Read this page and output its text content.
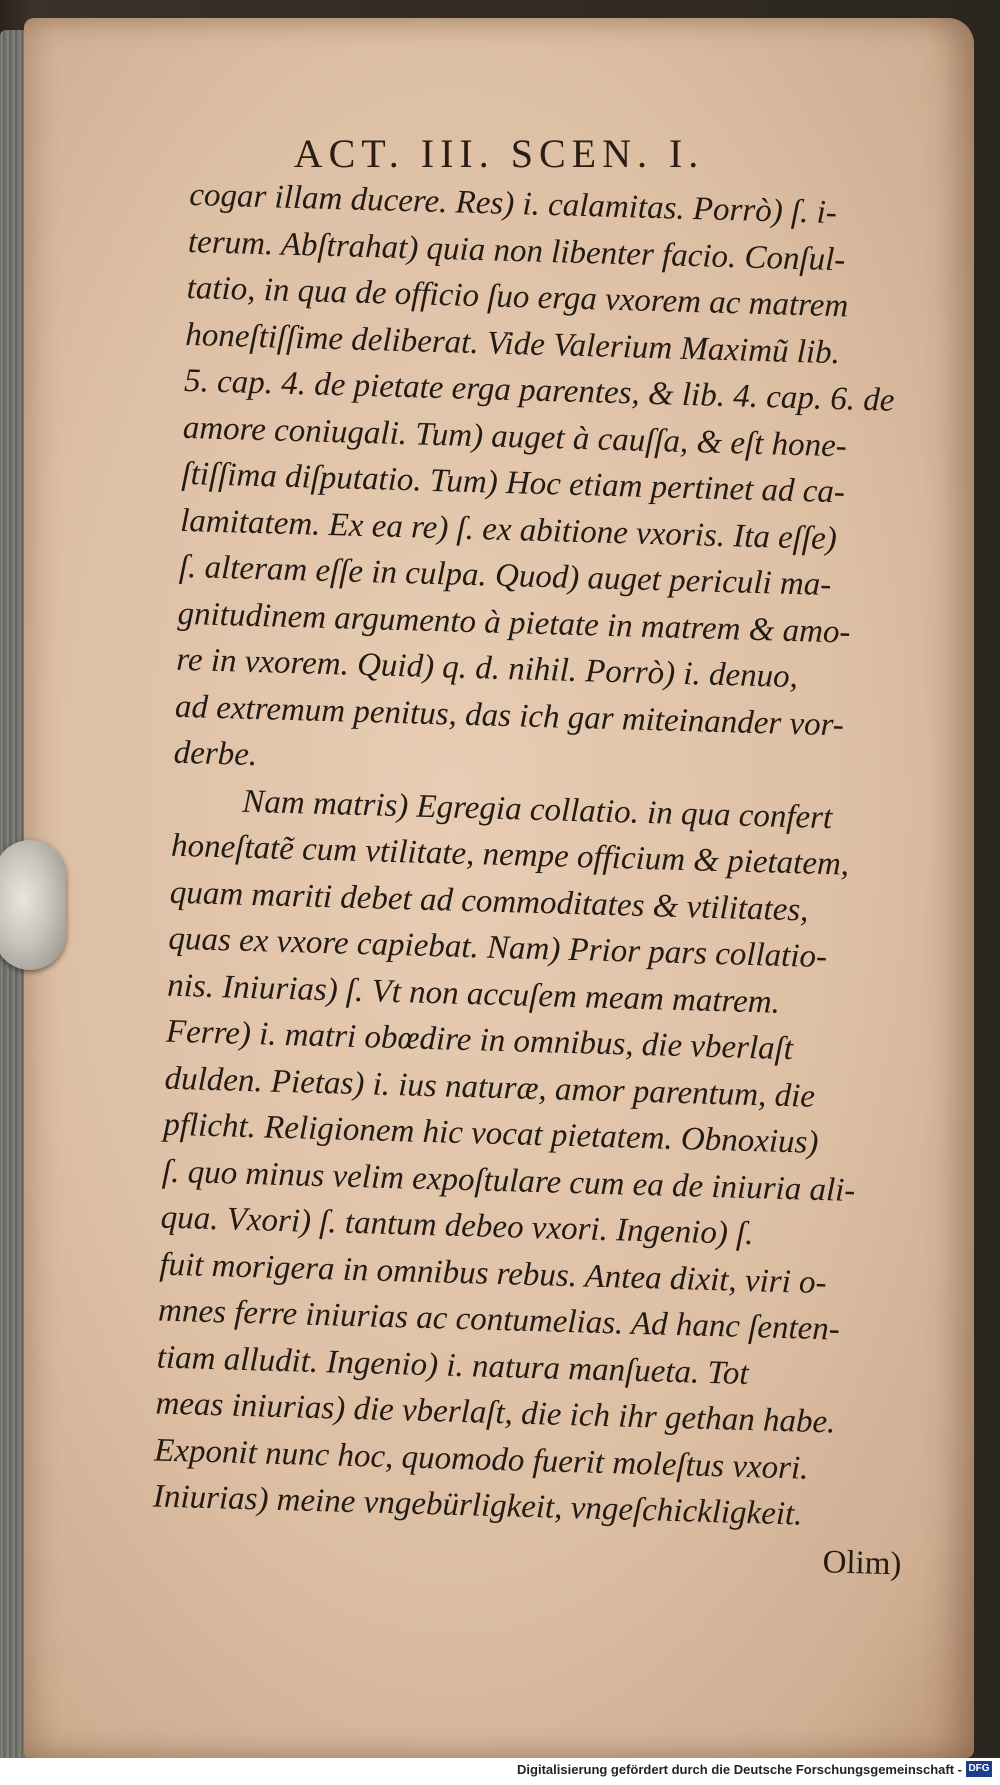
ACT. III. SCEN. I.
cogar illam ducere. Res) i. calamitas. Porrò) ſ. i-
terum. Abſtrahat) quia non libenter facio. Conſul-
tatio, in qua de officio ſuo erga vxorem ac matrem
honeſtiſſime deliberat. Vide Valerium Maximũ lib.
5. cap. 4. de pietate erga parentes, & lib. 4. cap. 6. de
amore coniugali. Tum) auget à cauſſa, & eſt hone-
ſtiſſima diſputatio. Tum) Hoc etiam pertinet ad ca-
lamitatem. Ex ea re) ſ. ex abitione vxoris. Ita eſſe)
ſ. alteram eſſe in culpa. Quod) auget periculi ma-
gnitudinem argumento à pietate in matrem & amo-
re in vxorem. Quid) q. d. nihil. Porrò) i. denuo,
ad extremum penitus, das ich gar miteinander vor-
derbe.
Nam matris) Egregia collatio. in qua confert
honeſtatẽ cum vtilitate, nempe officium & pietatem,
quam mariti debet ad commoditates & vtilitates,
quas ex vxore capiebat. Nam) Prior pars collatio-
nis. Iniurias) ſ. Vt non accuſem meam matrem.
Ferre) i. matri obœdire in omnibus, die vberlaſt
dulden. Pietas) i. ius naturæ, amor parentum, die
pflicht. Religionem hic vocat pietatem. Obnoxius)
ſ. quo minus velim expoſtulare cum ea de iniuria ali-
qua. Vxori) ſ. tantum debeo vxori. Ingenio) ſ.
fuit morigera in omnibus rebus. Antea dixit, viri o-
mnes ferre iniurias ac contumelias. Ad hanc ſenten-
tiam alludit. Ingenio) i. natura manſueta. Tot
meas iniurias) die vberlaſt, die ich ihr gethan habe.
Exponit nunc hoc, quomodo fuerit moleſtus vxori.
Iniurias) meine vngebürligkeit, vngeſchickligkeit.
Olim)
Digitalisierung gefördert durch die Deutsche Forschungsgemeinschaft - DFG
